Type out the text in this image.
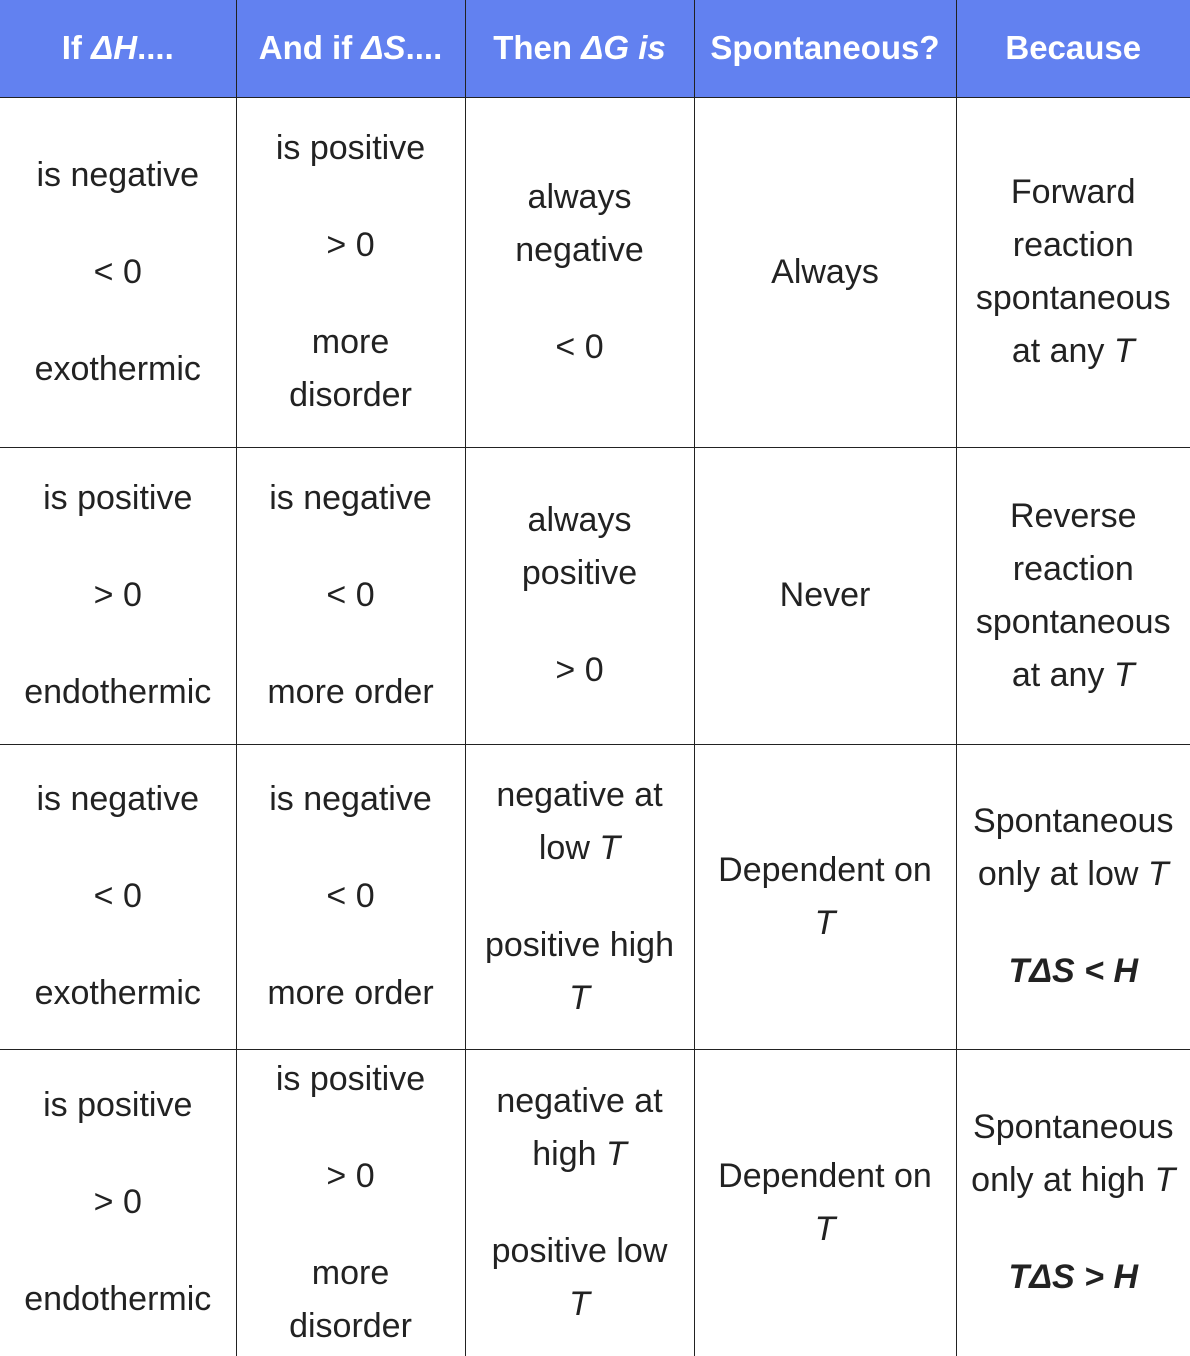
If ΔH....	And if ΔS....	Then ΔG is	Spontaneous?	Because

is negative
< 0
exothermic	is positive
> 0
more
disorder	always
negative
< 0	Always	Forward
reaction
spontaneous
at any T

is positive
> 0
endothermic	is negative
< 0
more order	always
positive
> 0	Never	Reverse
reaction
spontaneous
at any T

is negative
< 0
exothermic	is negative
< 0
more order	negative at
low T
positive high
T	Dependent on
T	Spontaneous
only at low T
TΔS < H

is positive
> 0
endothermic	is positive
> 0
more
disorder	negative at
high T
positive low
T	Dependent on
T	Spontaneous
only at high T
TΔS > H
